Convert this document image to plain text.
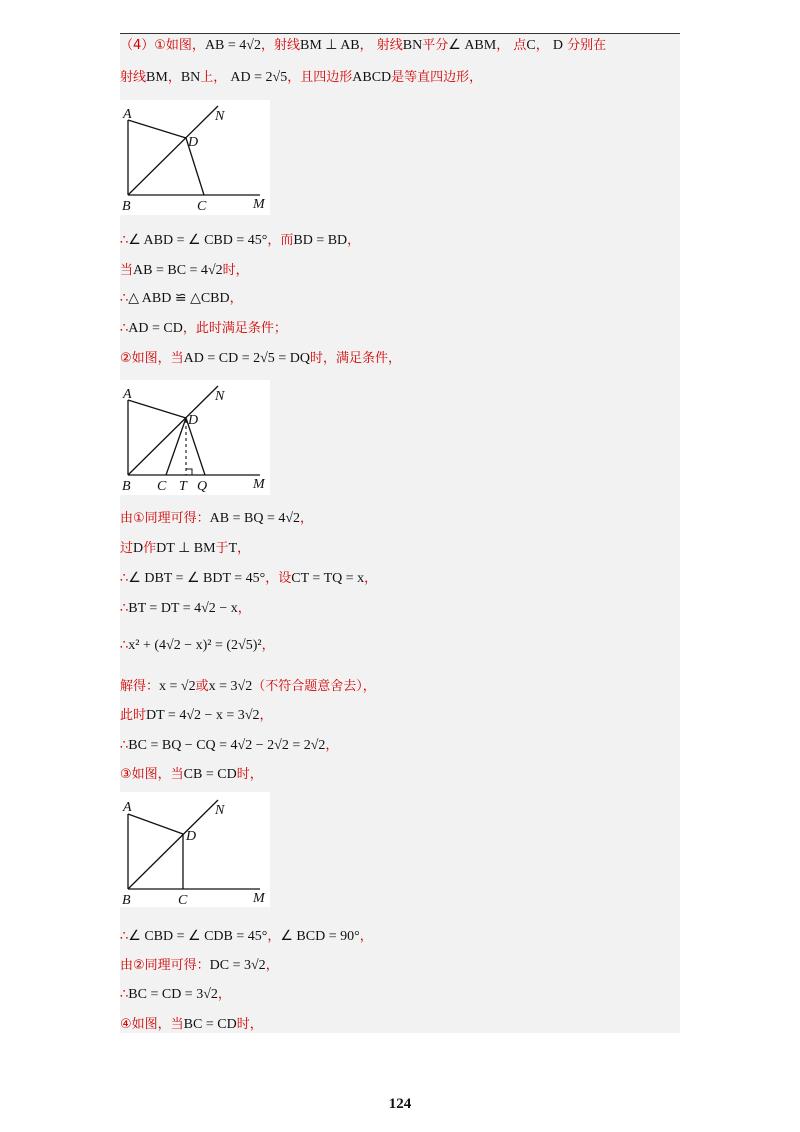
（4）①如图，AB = 4√2，射线BM ⊥ AB， 射线BN平分∠ ABM， 点C， D 分别在
射线BM，BN上， AD = 2√5，且四边形ABCD是等直四边形，
∴∠ ABD = ∠ CBD = 45°，而BD = BD，
当AB = BC = 4√2时，
∴△ ABD ≌ △CBD，
∴AD = CD，此时满足条件；
②如图，当AD = CD = 2√5 = DQ时，满足条件，
由①同理可得：AB = BQ = 4√2，
过D作DT ⊥ BM于T，
∴∠ DBT = ∠ BDT = 45°，设CT = TQ = x，
∴BT = DT = 4√2 − x，
∴x² + (4√2 − x)² = (2√5)²，
解得：x = √2或x = 3√2（不符合题意舍去），
此时DT = 4√2 − x = 3√2，
∴BC = BQ − CQ = 4√2 − 2√2 = 2√2，
③如图，当CB = CD时，
∴∠ CBD = ∠ CDB = 45°，∠ BCD = 90°，
由②同理可得：DC = 3√2，
∴BC = CD = 3√2，
④如图，当BC = CD时，
A	N
D
B	C	M
A	N
D
B C T Q	M
A	N
D
B	C	M
124
